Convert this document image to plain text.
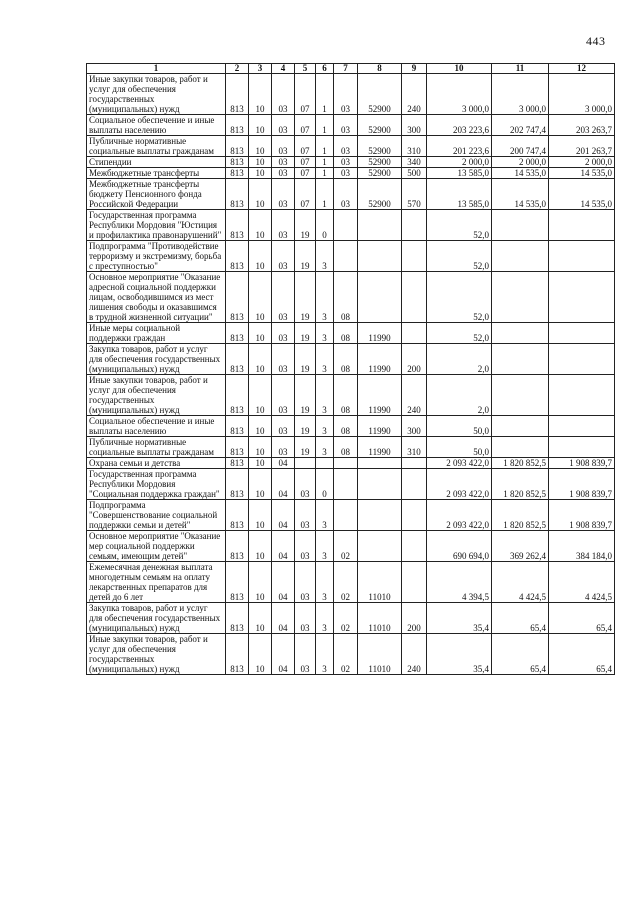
443
1	2	3	4	5	6	7	8	9	10	11	12
Иные закупки товаров, работ и услуг для обеспечения государственных (муниципальных) нужд	813	10	03	07	1	03	52900	240	3 000,0	3 000,0	3 000,0
Социальное обеспечение и иные выплаты населению	813	10	03	07	1	03	52900	300	203 223,6	202 747,4	203 263,7
Публичные нормативные социальные выплаты гражданам	813	10	03	07	1	03	52900	310	201 223,6	200 747,4	201 263,7
Стипендии	813	10	03	07	1	03	52900	340	2 000,0	2 000,0	2 000,0
Межбюджетные трансферты	813	10	03	07	1	03	52900	500	13 585,0	14 535,0	14 535,0
Межбюджетные трансферты бюджету Пенсионного фонда Российской Федерации	813	10	03	07	1	03	52900	570	13 585,0	14 535,0	14 535,0
Государственная программа Республики Мордовия "Юстиция и профилактика правонарушений"	813	10	03	19	0				52,0		
Подпрограмма "Противодействие терроризму и экстремизму, борьба с преступностью"	813	10	03	19	3				52,0		
Основное мероприятие "Оказание адресной социальной поддержки лицам, освободившимся из мест лишения свободы и оказавшимся в трудной жизненной ситуации"	813	10	03	19	3	08			52,0		
Иные меры социальной поддержки граждан	813	10	03	19	3	08	11990		52,0		
Закупка товаров, работ и услуг для обеспечения государственных (муниципальных) нужд	813	10	03	19	3	08	11990	200	2,0		
Иные закупки товаров, работ и услуг для обеспечения государственных (муниципальных) нужд	813	10	03	19	3	08	11990	240	2,0		
Социальное обеспечение и иные выплаты населению	813	10	03	19	3	08	11990	300	50,0		
Публичные нормативные социальные выплаты гражданам	813	10	03	19	3	08	11990	310	50,0		
Охрана семьи и детства	813	10	04						2 093 422,0	1 820 852,5	1 908 839,7
Государственная программа Республики Мордовия "Социальная поддержка граждан"	813	10	04	03	0				2 093 422,0	1 820 852,5	1 908 839,7
Подпрограмма "Совершенствование социальной поддержки семьи и детей"	813	10	04	03	3				2 093 422,0	1 820 852,5	1 908 839,7
Основное мероприятие "Оказание мер социальной поддержки семьям, имеющим детей"	813	10	04	03	3	02			690 694,0	369 262,4	384 184,0
Ежемесячная денежная выплата многодетным семьям на оплату лекарственных препаратов для детей до 6 лет	813	10	04	03	3	02	11010		4 394,5	4 424,5	4 424,5
Закупка товаров, работ и услуг для обеспечения государственных (муниципальных) нужд	813	10	04	03	3	02	11010	200	35,4	65,4	65,4
Иные закупки товаров, работ и услуг для обеспечения государственных (муниципальных) нужд	813	10	04	03	3	02	11010	240	35,4	65,4	65,4
